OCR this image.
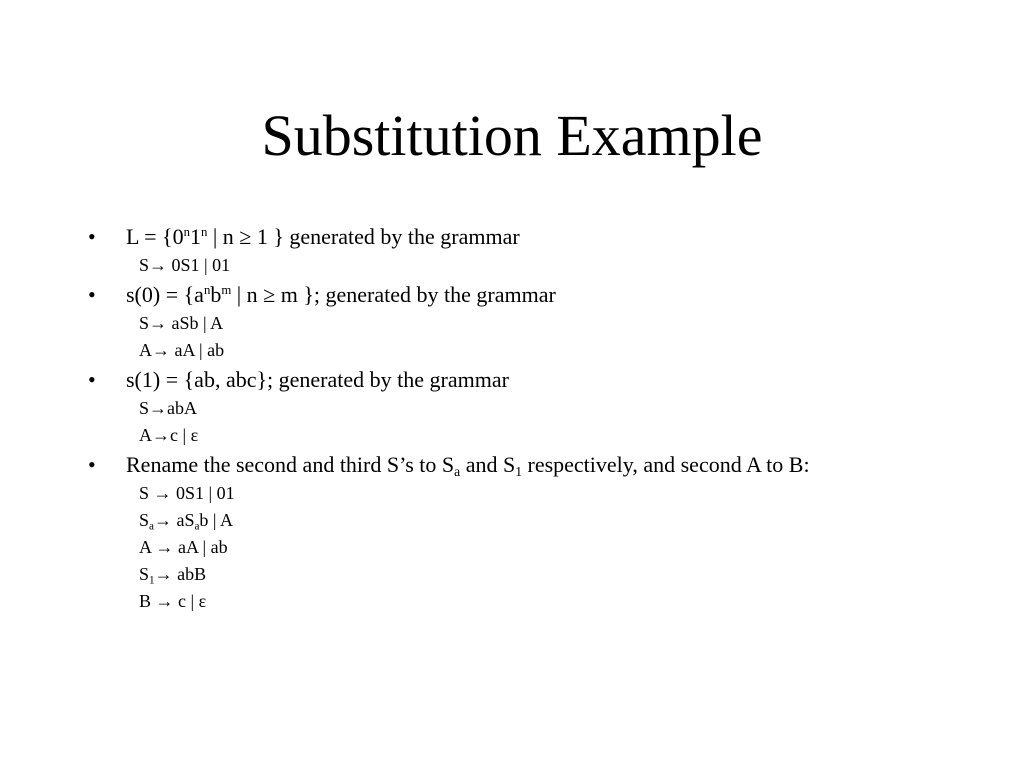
Substitution Example
•	$L = \{0^n1^n$ | n ≥ 1 } generated by the grammar
S→ 0S1 | 01
•	$s(0) = \{a^nb^m$ | n ≥ m }; generated by the grammar
S→ aSb | A
A→ aA | ab
•	s(1) = {ab, abc}; generated by the grammar
S→abA
A→c | ε
•	Rename the second and third S’s to $S_a$ and $S_1$ respectively, and second A to B:
S → 0S1 | 01
$S_a\to aS_ab$ | A
A → aA | ab
$S_1\to$ abB
B → c | ε
